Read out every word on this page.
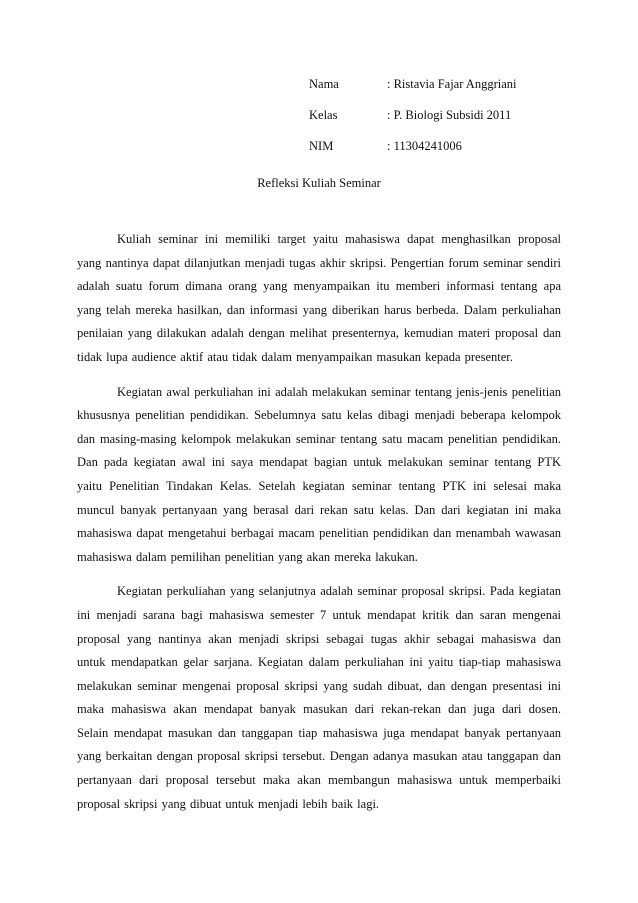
Nama	: Ristavia Fajar Anggriani
Kelas	: P. Biologi Subsidi 2011
NIM	: 11304241006
Refleksi Kuliah Seminar

Kuliah seminar ini memiliki target yaitu mahasiswa dapat menghasilkan proposal yang nantinya dapat dilanjutkan menjadi tugas akhir skripsi. Pengertian forum seminar sendiri adalah suatu forum dimana orang yang menyampaikan itu memberi informasi tentang apa yang telah mereka hasilkan, dan informasi yang diberikan harus berbeda. Dalam perkuliahan penilaian yang dilakukan adalah dengan melihat presenternya, kemudian materi proposal dan tidak lupa audience aktif atau tidak dalam menyampaikan masukan kepada presenter.

Kegiatan awal perkuliahan ini adalah melakukan seminar tentang jenis-jenis penelitian khususnya penelitian pendidikan. Sebelumnya satu kelas dibagi menjadi beberapa kelompok dan masing-masing kelompok melakukan seminar tentang satu macam penelitian pendidikan. Dan pada kegiatan awal ini saya mendapat bagian untuk melakukan seminar tentang PTK yaitu Penelitian Tindakan Kelas. Setelah kegiatan seminar tentang PTK ini selesai maka muncul banyak pertanyaan yang berasal dari rekan satu kelas. Dan dari kegiatan ini maka mahasiswa dapat mengetahui berbagai macam penelitian pendidikan dan menambah wawasan mahasiswa dalam pemilihan penelitian yang akan mereka lakukan.

Kegiatan perkuliahan yang selanjutnya adalah seminar proposal skripsi. Pada kegiatan ini menjadi sarana bagi mahasiswa semester 7 untuk mendapat kritik dan saran mengenai proposal yang nantinya akan menjadi skripsi sebagai tugas akhir sebagai mahasiswa dan untuk mendapatkan gelar sarjana. Kegiatan dalam perkuliahan ini yaitu tiap-tiap mahasiswa melakukan seminar mengenai proposal skripsi yang sudah dibuat, dan dengan presentasi ini maka mahasiswa akan mendapat banyak masukan dari rekan-rekan dan juga dari dosen. Selain mendapat masukan dan tanggapan tiap mahasiswa juga mendapat banyak pertanyaan yang berkaitan dengan proposal skripsi tersebut. Dengan adanya masukan atau tanggapan dan pertanyaan dari proposal tersebut maka akan membangun mahasiswa untuk memperbaiki proposal skripsi yang dibuat untuk menjadi lebih baik lagi.
